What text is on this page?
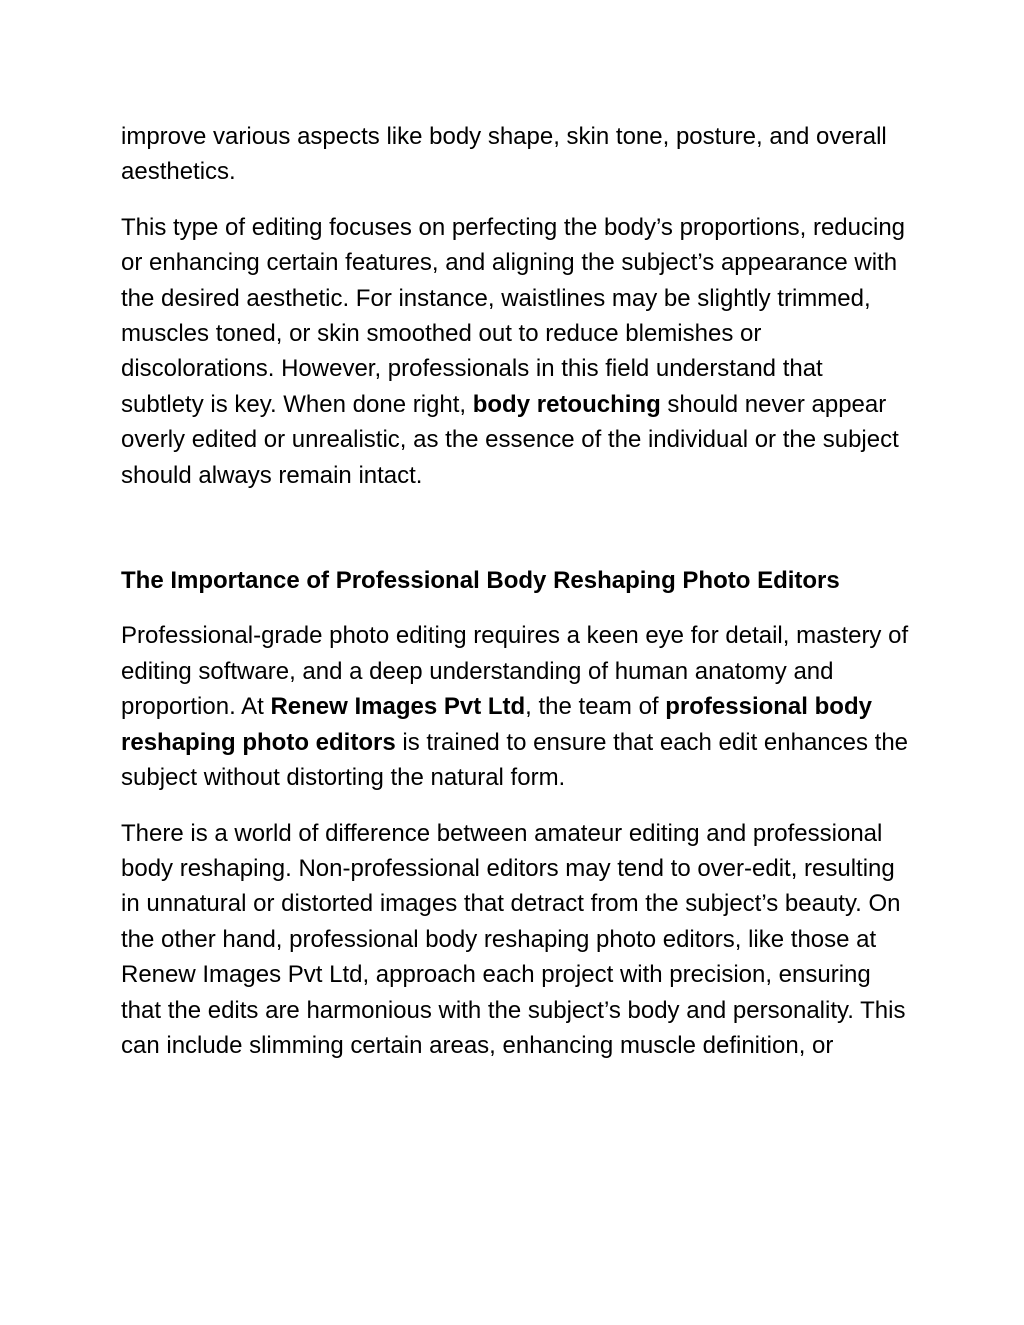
improve various aspects like body shape, skin tone, posture, and overall aesthetics.

This type of editing focuses on perfecting the body’s proportions, reducing or enhancing certain features, and aligning the subject’s appearance with the desired aesthetic. For instance, waistlines may be slightly trimmed, muscles toned, or skin smoothed out to reduce blemishes or discolorations. However, professionals in this field understand that subtlety is key. When done right, body retouching should never appear overly edited or unrealistic, as the essence of the individual or the subject should always remain intact.

The Importance of Professional Body Reshaping Photo Editors

Professional-grade photo editing requires a keen eye for detail, mastery of editing software, and a deep understanding of human anatomy and proportion. At Renew Images Pvt Ltd, the team of professional body reshaping photo editors is trained to ensure that each edit enhances the subject without distorting the natural form.

There is a world of difference between amateur editing and professional body reshaping. Non-professional editors may tend to over-edit, resulting in unnatural or distorted images that detract from the subject’s beauty. On the other hand, professional body reshaping photo editors, like those at Renew Images Pvt Ltd, approach each project with precision, ensuring that the edits are harmonious with the subject’s body and personality. This can include slimming certain areas, enhancing muscle definition, or
